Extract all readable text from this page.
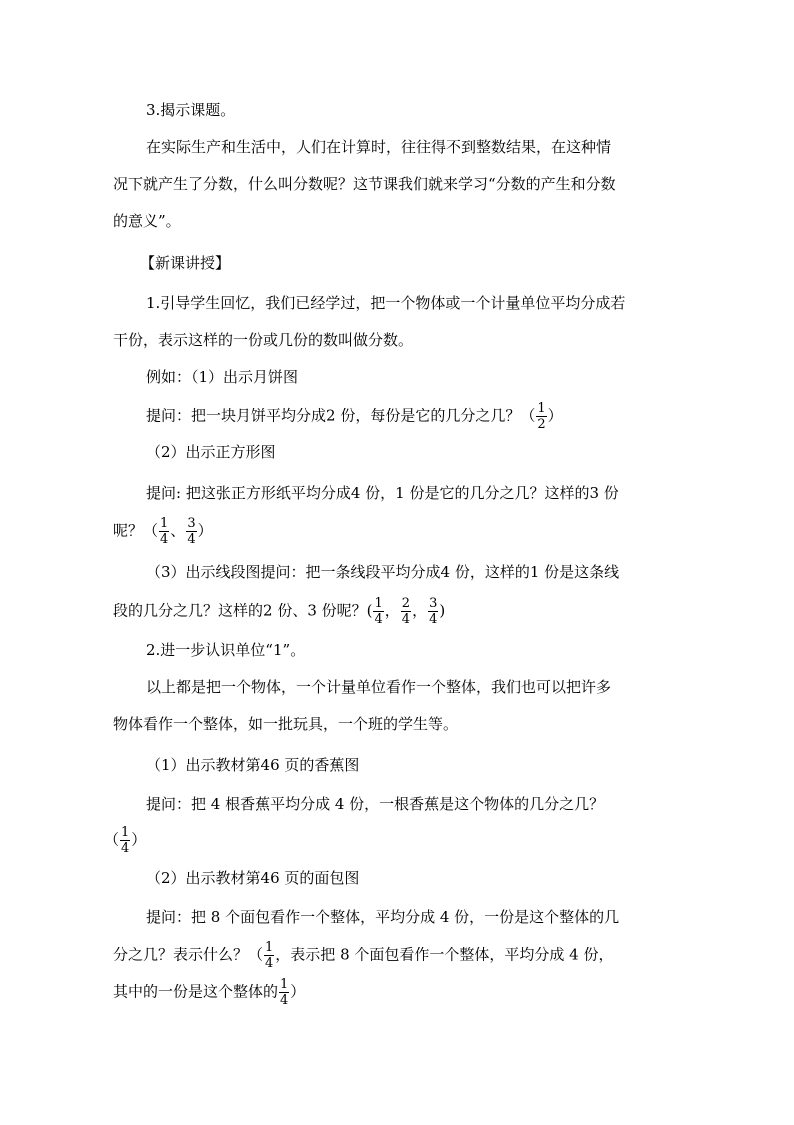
3.揭示课题。
在实际生产和生活中，人们在计算时，往往得不到整数结果，在这种情
况下就产生了分数，什么叫分数呢？这节课我们就来学习“分数的产生和分数
的意义”。
【新课讲授】
1.引导学生回忆，我们已经学过，把一个物体或一个计量单位平均分成若
干份，表示这样的一份或几份的数叫做分数。
例如：（1）出示月饼图
提问：把一块月饼平均分成2 份，每份是它的几分之几？（ $\frac{1}{2}$ ）
（2）出示正方形图
提问: 把这张正方形纸平均分成4 份，1 份是它的几分之几？这样的3 份
呢？（ $\frac{1}{4}$ 、 $\frac{3}{4}$ ）
（3）出示线段图提问：把一条线段平均分成4 份，这样的1 份是这条线
段的几分之几？这样的2 份、3 份呢？( $\frac{1}{4}$ ， $\frac{2}{4}$ ， $\frac{3}{4}$ )
2.进一步认识单位“1”。
以上都是把一个物体，一个计量单位看作一个整体，我们也可以把许多
物体看作一个整体，如一批玩具，一个班的学生等。
（1）出示教材第46 页的香蕉图
提问：把 4 根香蕉平均分成 4 份，一根香蕉是这个物体的几分之几？
（ $\frac{1}{4}$ ）
（2）出示教材第46 页的面包图
提问：把 8 个面包看作一个整体，平均分成 4 份，一份是这个整体的几
分之几？表示什么？（ $\frac{1}{4}$ ，表示把 8 个面包看作一个整体，平均分成 4 份，
其中的一份是这个整体的 $\frac{1}{4}$ ）
